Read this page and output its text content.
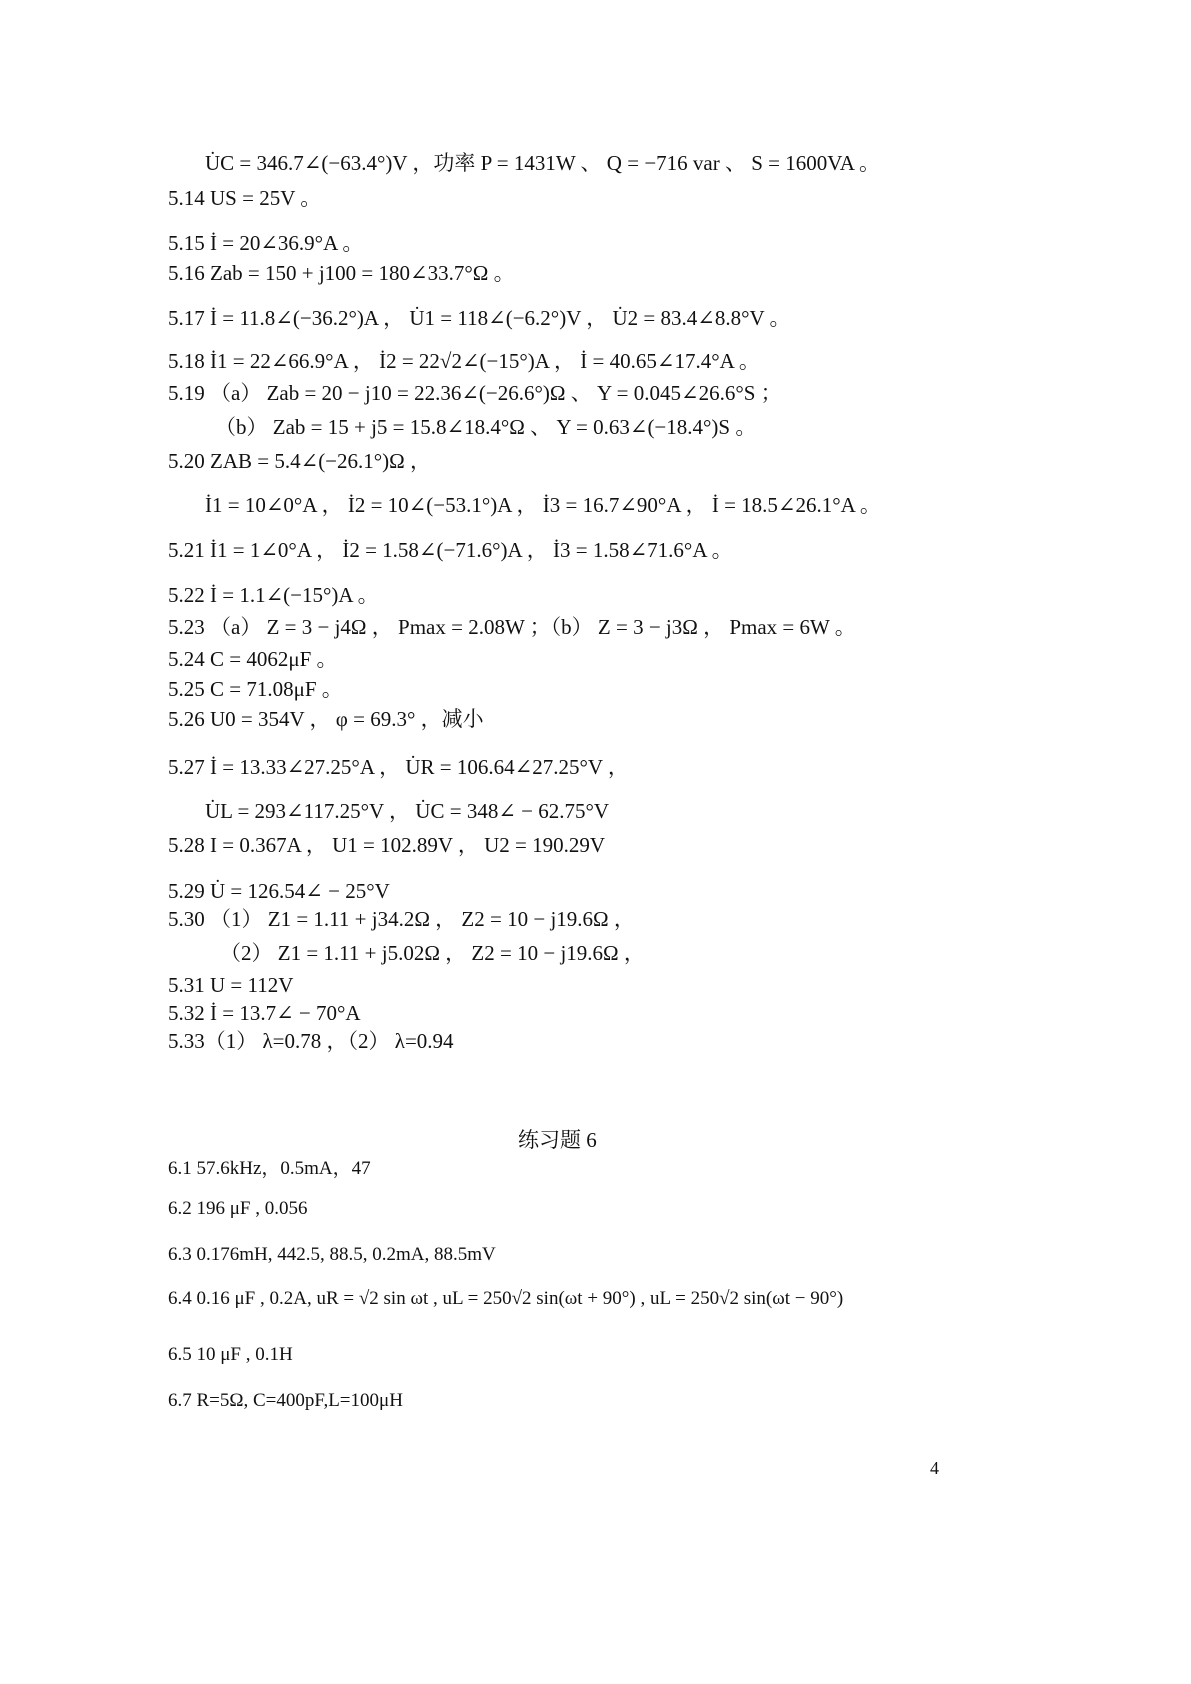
U̇C = 346.7∠(−63.4°)V ，功率 P = 1431W 、 Q = −716 var 、 S = 1600VA 。
5.14 US = 25V 。
5.15 İ = 20∠36.9°A 。
5.16 Zab = 150 + j100 = 180∠33.7°Ω 。
5.17 İ = 11.8∠(−36.2°)A ， U̇1 = 118∠(−6.2°)V ， U̇2 = 83.4∠8.8°V 。
5.18 İ1 = 22∠66.9°A ， İ2 = 22√2∠(−15°)A ， İ = 40.65∠17.4°A 。
5.19 （a） Zab = 20 − j10 = 22.36∠(−26.6°)Ω 、 Y = 0.045∠26.6°S ；
（b） Zab = 15 + j5 = 15.8∠18.4°Ω 、 Y = 0.63∠(−18.4°)S 。
5.20 ZAB = 5.4∠(−26.1°)Ω ，
İ1 = 10∠0°A ， İ2 = 10∠(−53.1°)A ， İ3 = 16.7∠90°A ， İ = 18.5∠26.1°A 。
5.21 İ1 = 1∠0°A ， İ2 = 1.58∠(−71.6°)A ， İ3 = 1.58∠71.6°A 。
5.22 İ = 1.1∠(−15°)A 。
5.23 （a） Z = 3 − j4Ω ， Pmax = 2.08W ；（b） Z = 3 − j3Ω ， Pmax = 6W 。
5.24 C = 4062μF 。
5.25 C = 71.08μF 。
5.26 U0 = 354V ， φ = 69.3° ，减小
5.27 İ = 13.33∠27.25°A ， U̇R = 106.64∠27.25°V ，
U̇L = 293∠117.25°V ， U̇C = 348∠ − 62.75°V
5.28 I = 0.367A ， U1 = 102.89V ， U2 = 190.29V
5.29 U̇ = 126.54∠ − 25°V
5.30 （1） Z1 = 1.11 + j34.2Ω ， Z2 = 10 − j19.6Ω ，
（2） Z1 = 1.11 + j5.02Ω ， Z2 = 10 − j19.6Ω ，
5.31 U = 112V
5.32 İ = 13.7∠ − 70°A
5.33（1） λ=0.78 ，（2） λ=0.94
练习题 6
6.1 57.6kHz，0.5mA，47
6.2 196 μF , 0.056
6.3 0.176mH, 442.5, 88.5, 0.2mA, 88.5mV
6.4 0.16 μF , 0.2A, uR = √2 sin ωt , uL = 250√2 sin(ωt + 90°) , uL = 250√2 sin(ωt − 90°)
6.5 10 μF , 0.1H
6.7 R=5Ω, C=400pF,L=100μH
4
